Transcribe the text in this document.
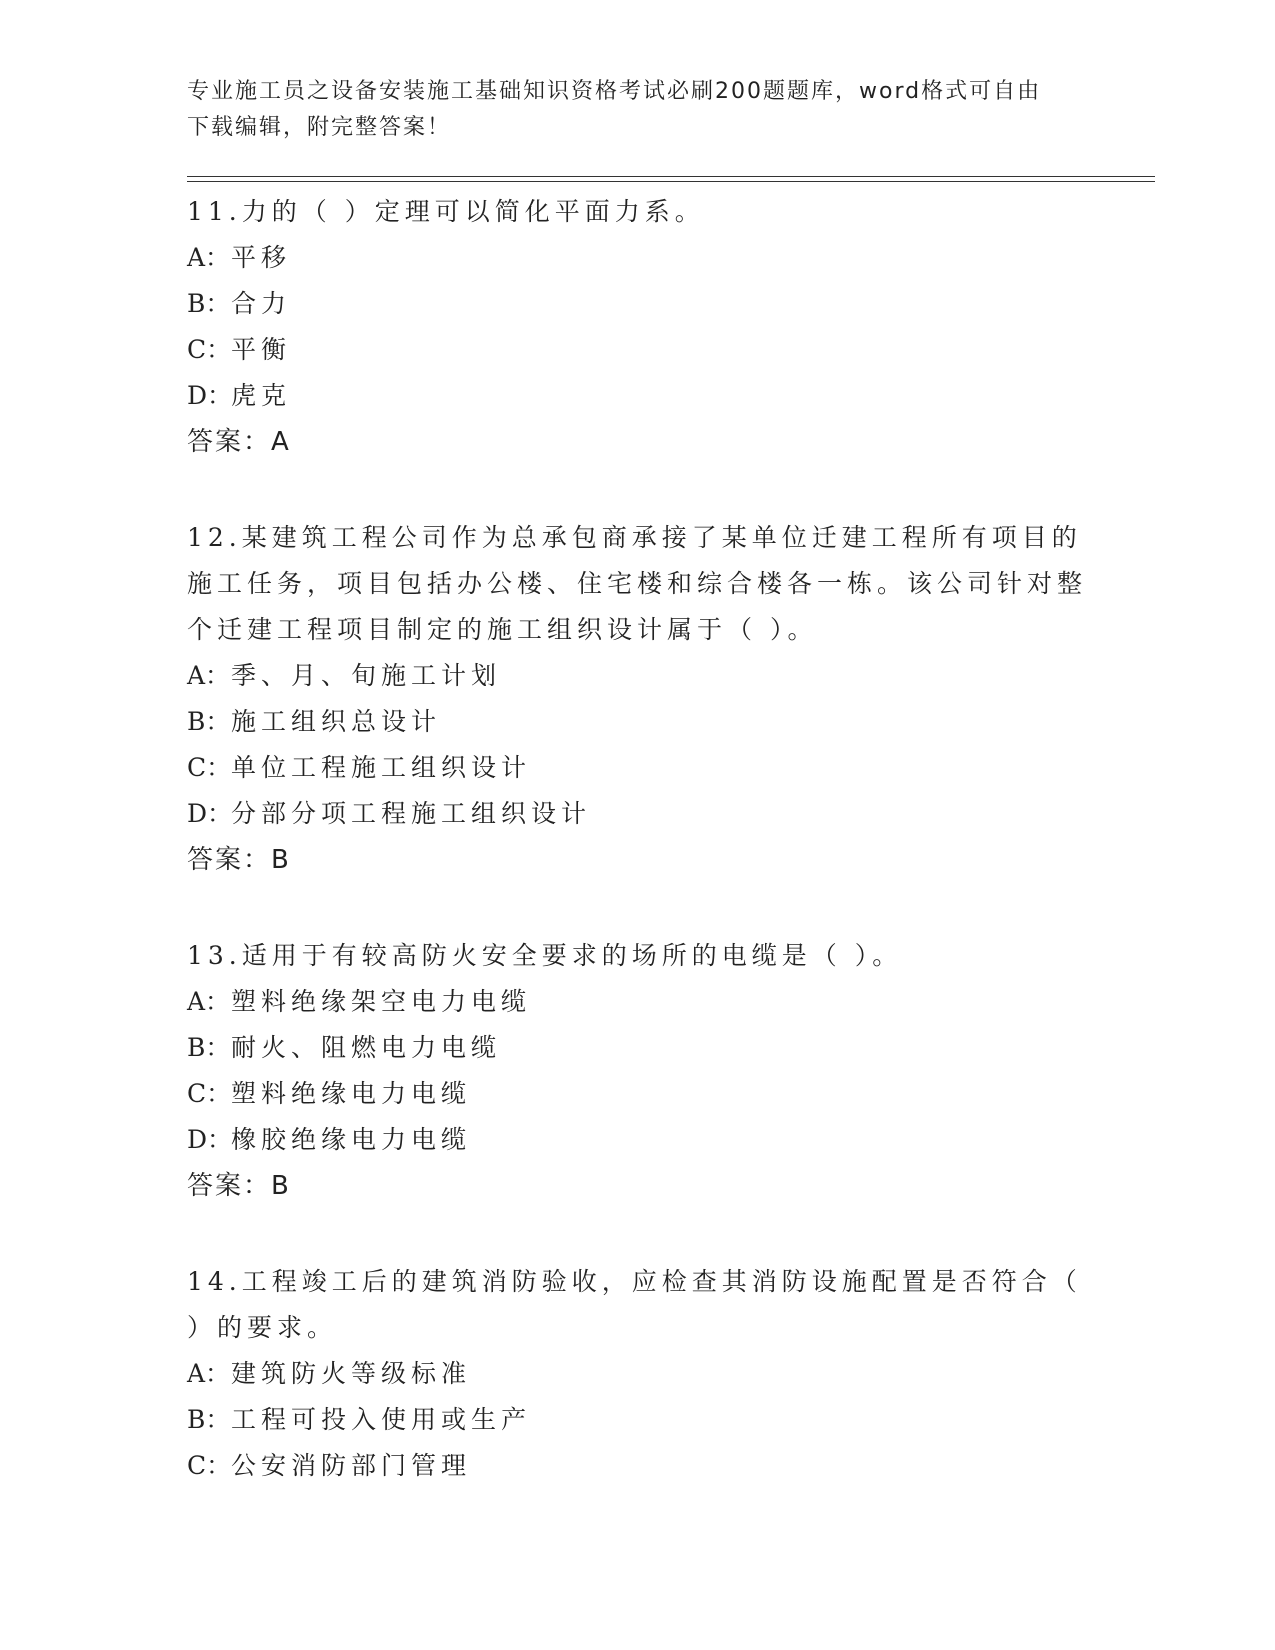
专业施工员之设备安装施工基础知识资格考试必刷200题题库，word格式可自由
下载编辑，附完整答案！
11.力的（ ）定理可以简化平面力系。
A：平移
B：合力
C：平衡
D：虎克
答案：A
12.某建筑工程公司作为总承包商承接了某单位迁建工程所有项目的施工任务，项目包括办公楼、住宅楼和综合楼各一栋。该公司针对整个迁建工程项目制定的施工组织设计属于（ ）。
A：季、月、旬施工计划
B：施工组织总设计
C：单位工程施工组织设计
D：分部分项工程施工组织设计
答案：B
13.适用于有较高防火安全要求的场所的电缆是（ ）。
A：塑料绝缘架空电力电缆
B：耐火、阻燃电力电缆
C：塑料绝缘电力电缆
D：橡胶绝缘电力电缆
答案：B
14.工程竣工后的建筑消防验收，应检查其消防设施配置是否符合（ ）的要求。
A：建筑防火等级标准
B：工程可投入使用或生产
C：公安消防部门管理
